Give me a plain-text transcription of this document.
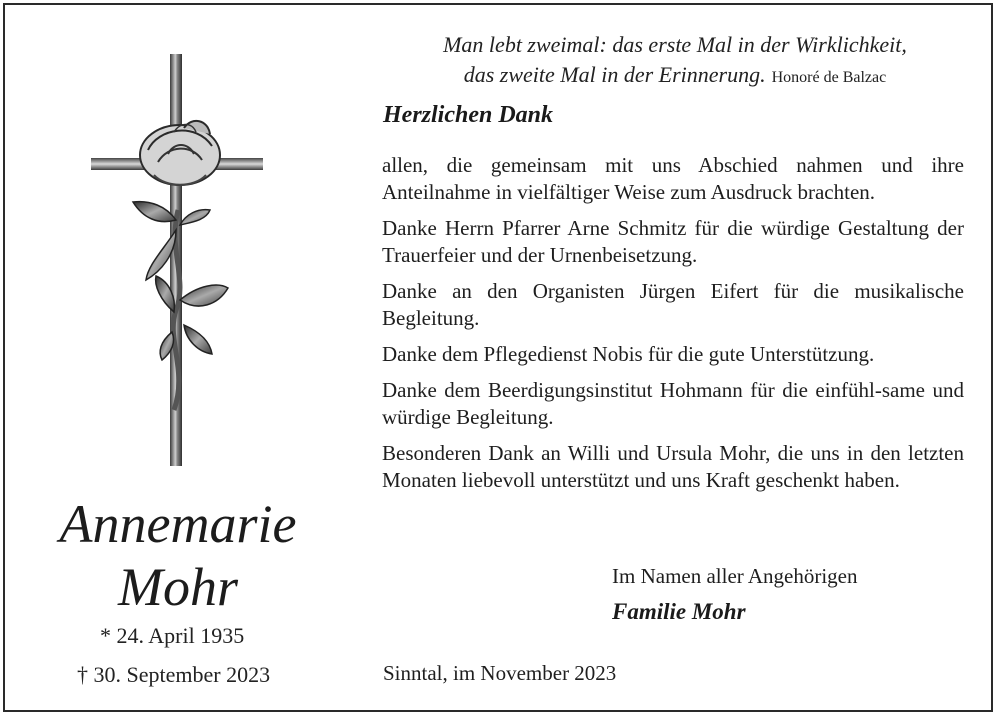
Annemarie
Mohr
* 24. April 1935
† 30. September 2023
Man lebt zweimal: das erste Mal in der Wirklichkeit,
das zweite Mal in der Erinnerung. Honoré de Balzac
Herzlichen Dank

allen, die gemeinsam mit uns Abschied nahmen und ihre Anteilnahme in vielfältiger Weise zum Ausdruck brachten.

Danke Herrn Pfarrer Arne Schmitz für die würdige Gestaltung der Trauerfeier und der Urnenbeisetzung.

Danke an den Organisten Jürgen Eifert für die musikalische Begleitung.

Danke dem Pflegedienst Nobis für die gute Unterstützung.

Danke dem Beerdigungsinstitut Hohmann für die einfühl-same und würdige Begleitung.

Besonderen Dank an Willi und Ursula Mohr, die uns in den letzten Monaten liebevoll unterstützt und uns Kraft geschenkt haben.

Im Namen aller Angehörigen
Familie Mohr
Sinntal, im November 2023
